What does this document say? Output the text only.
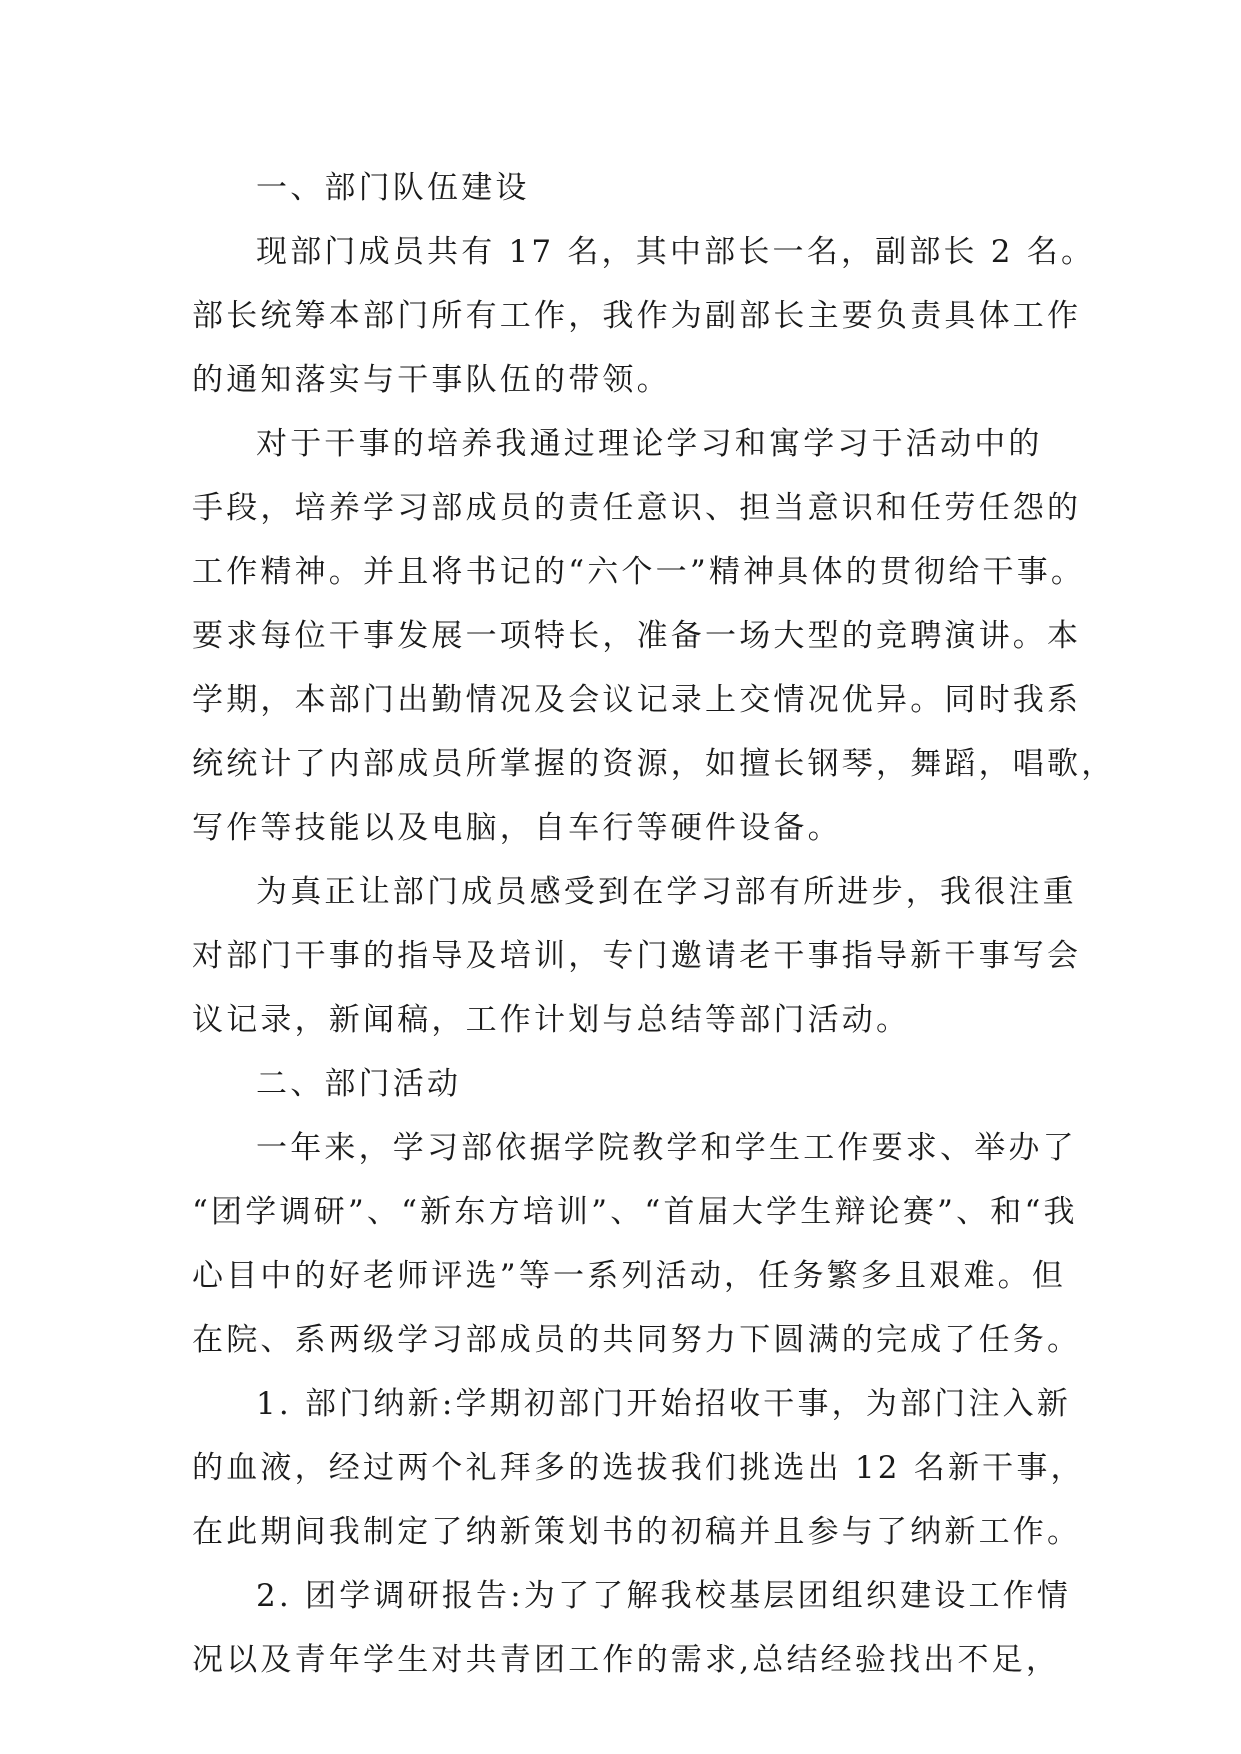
一、部门队伍建设
现部门成员共有 17 名，其中部长一名，副部长 2 名。
部长统筹本部门所有工作，我作为副部长主要负责具体工作
的通知落实与干事队伍的带领。
对于干事的培养我通过理论学习和寓学习于活动中的
手段，培养学习部成员的责任意识、担当意识和任劳任怨的
工作精神。并且将书记的“六个一”精神具体的贯彻给干事。
要求每位干事发展一项特长，准备一场大型的竞聘演讲。本
学期，本部门出勤情况及会议记录上交情况优异。同时我系
统统计了内部成员所掌握的资源，如擅长钢琴，舞蹈，唱歌，
写作等技能以及电脑，自车行等硬件设备。
为真正让部门成员感受到在学习部有所进步，我很注重
对部门干事的指导及培训，专门邀请老干事指导新干事写会
议记录，新闻稿，工作计划与总结等部门活动。
二、部门活动
一年来，学习部依据学院教学和学生工作要求、举办了
“团学调研”、“新东方培训”、“首届大学生辩论赛”、和“我
心目中的好老师评选”等一系列活动，任务繁多且艰难。但
在院、系两级学习部成员的共同努力下圆满的完成了任务。
1. 部门纳新:学期初部门开始招收干事，为部门注入新
的血液，经过两个礼拜多的选拔我们挑选出 12 名新干事，
在此期间我制定了纳新策划书的初稿并且参与了纳新工作。
2. 团学调研报告:为了了解我校基层团组织建设工作情
况以及青年学生对共青团工作的需求,总结经验找出不足，
